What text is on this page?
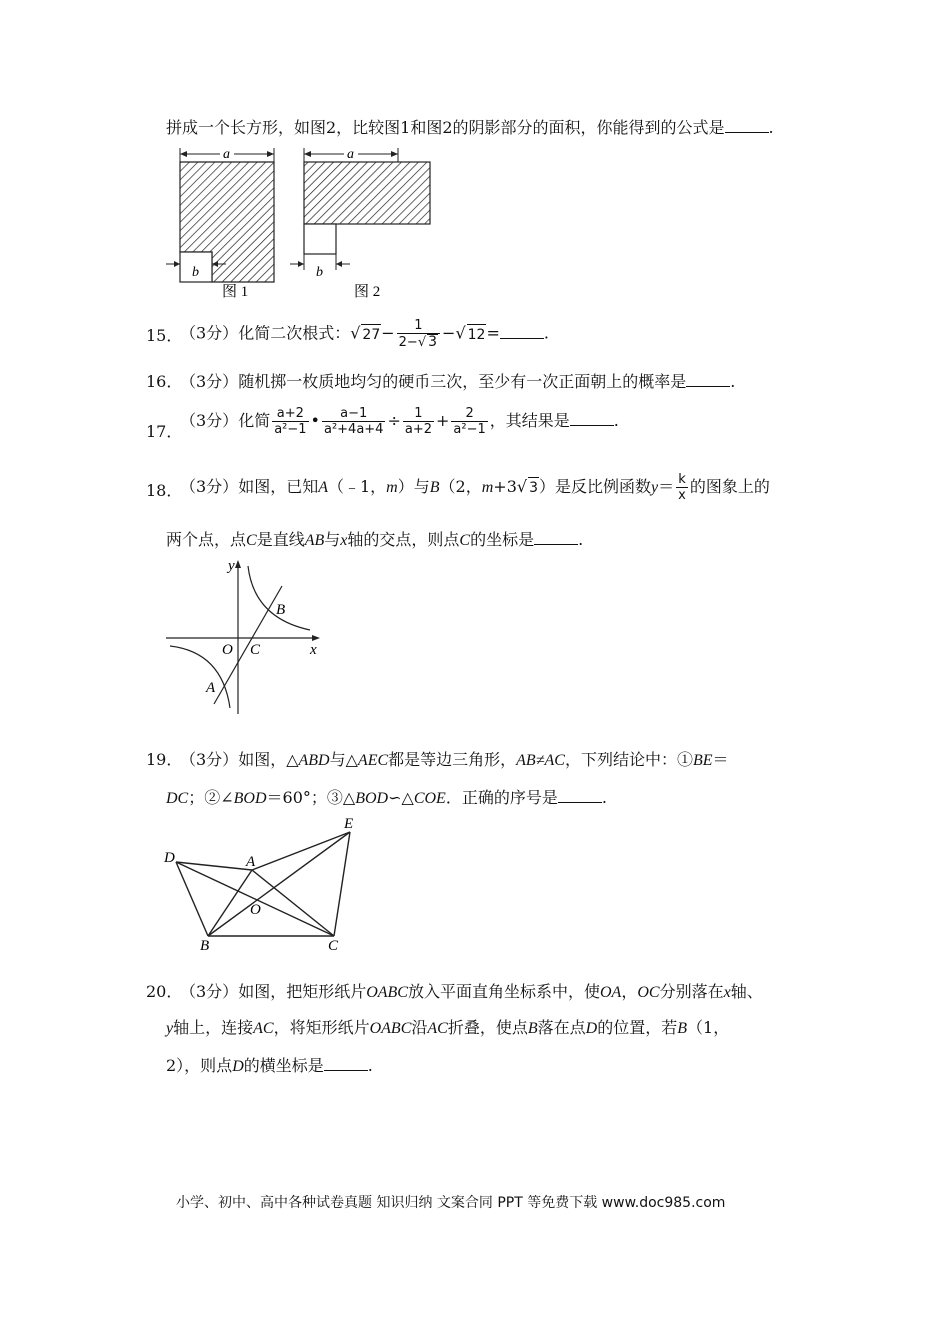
拼成一个长方形，如图2，比较图1和图2的阴影部分的面积，你能得到的公式是	.
a
b
图 1
a
b
图 2
15．
（3分）化简二次根式：√ $27- \frac{1}{2-√ 3}$ −√ 12=	.
16．
（3分）随机掷一枚质地均匀的硬币三次，至少有一次正面朝上的概率是	.
17．
（3分）化简 $\frac{a+2}{\text{a²−1}}$ • $\frac{a-1}{\text{a²+4a+4}} \div \frac{1}{a+2} + \frac{2}{\text{a²−1}}$ ，其结果是	.
18．
（3分）如图，已知A（﹣1，m）与B（2，m+3√ 3）是反比例函数$y= \frac{k}{x}$ 的图象上的
两个点，点C是直线AB与x轴的交点，则点C的坐标是	.
y
x
O C
A
B
19．
（3分）如图，△ABD与△AEC都是等边三角形，AB≠AC，下列结论中：①BE＝
DC；②∠BOD＝60°；③△BOD∽△COE．正确的序号是	.
D	A
E
O
B	C
20．
（3分）如图，把矩形纸片OABC放入平面直角坐标系中，使OA，OC分别落在x轴、
y轴上，连接AC，将矩形纸片OABC沿AC折叠，使点B落在点D的位置，若B（1，
2），则点D的横坐标是	.
小学、初中、高中各种试卷真题 知识归纳 文案合同 PPT 等免费下载 www.doc985.com
